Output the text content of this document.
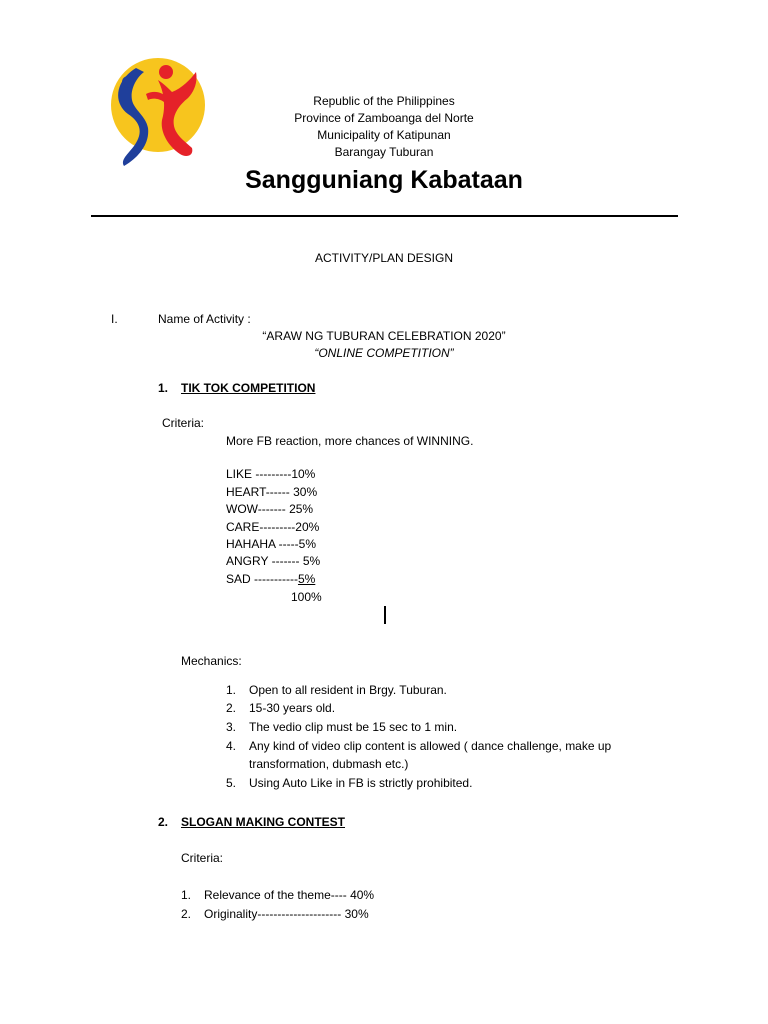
Republic of the Philippines
Province of Zamboanga del Norte
Municipality of Katipunan
Barangay Tuburan
Sangguniang Kabataan
ACTIVITY/PLAN DESIGN
I.	Name of Activity :
“ARAW NG TUBURAN CELEBRATION 2020”
“ONLINE COMPETITION”
1. TIK TOK COMPETITION
Criteria:
More FB reaction, more chances of WINNING.
LIKE ---------10%
HEART------ 30%
WOW------- 25%
CARE---------20%
HAHAHA -----5%
ANGRY ------- 5%
SAD -----------5%
100%
Mechanics:
1. Open to all resident in Brgy. Tuburan.
2. 15-30 years old.
3. The vedio clip must be 15 sec to 1 min.
4. Any kind of video clip content is allowed ( dance challenge, make up
transformation, dubmash etc.)
5. Using Auto Like in FB is strictly prohibited.
2. SLOGAN MAKING CONTEST
Criteria:
1. Relevance of the theme---- 40%
2. Originality--------------------- 30%
